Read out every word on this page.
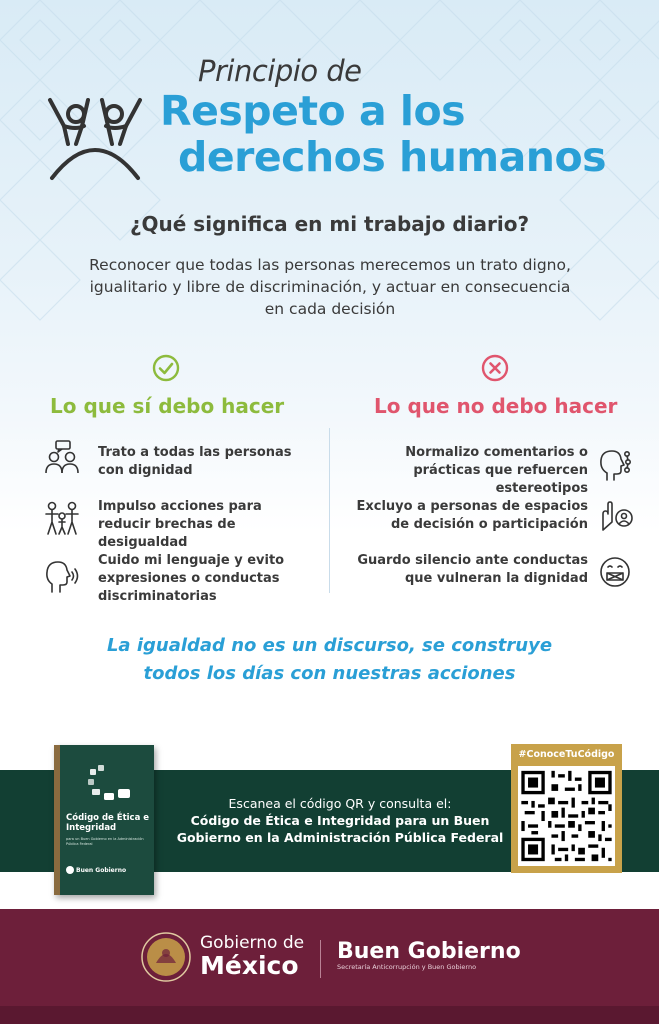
Principio de
Respeto a los
derechos humanos
¿Qué significa en mi trabajo diario?
Reconocer que todas las personas merecemos un trato digno, igualitario y libre de discriminación, y actuar en consecuencia en cada decisión
Lo que sí debo hacer	Lo que no debo hacer
Trato a todas las personas con dignidad
Impulso acciones para reducir brechas de desigualdad
Cuido mi lenguaje y evito expresiones o conductas discriminatorias
Normalizo comentarios o prácticas que refuercen estereotipos
Excluyo a personas de espacios de decisión o participación
Guardo silencio ante conductas que vulneran la dignidad
La igualdad no es un discurso, se construye
todos los días con nuestras acciones
Código de Ética e Integridad
para un Buen Gobierno en la Administración Pública Federal
Buen Gobierno
Escanea el código QR y consulta el:
Código de Ética e Integridad para un Buen
Gobierno en la Administración Pública Federal
#ConoceTuCódigo
Gobierno de
México Buen Gobierno
Secretaría Anticorrupción y Buen Gobierno
